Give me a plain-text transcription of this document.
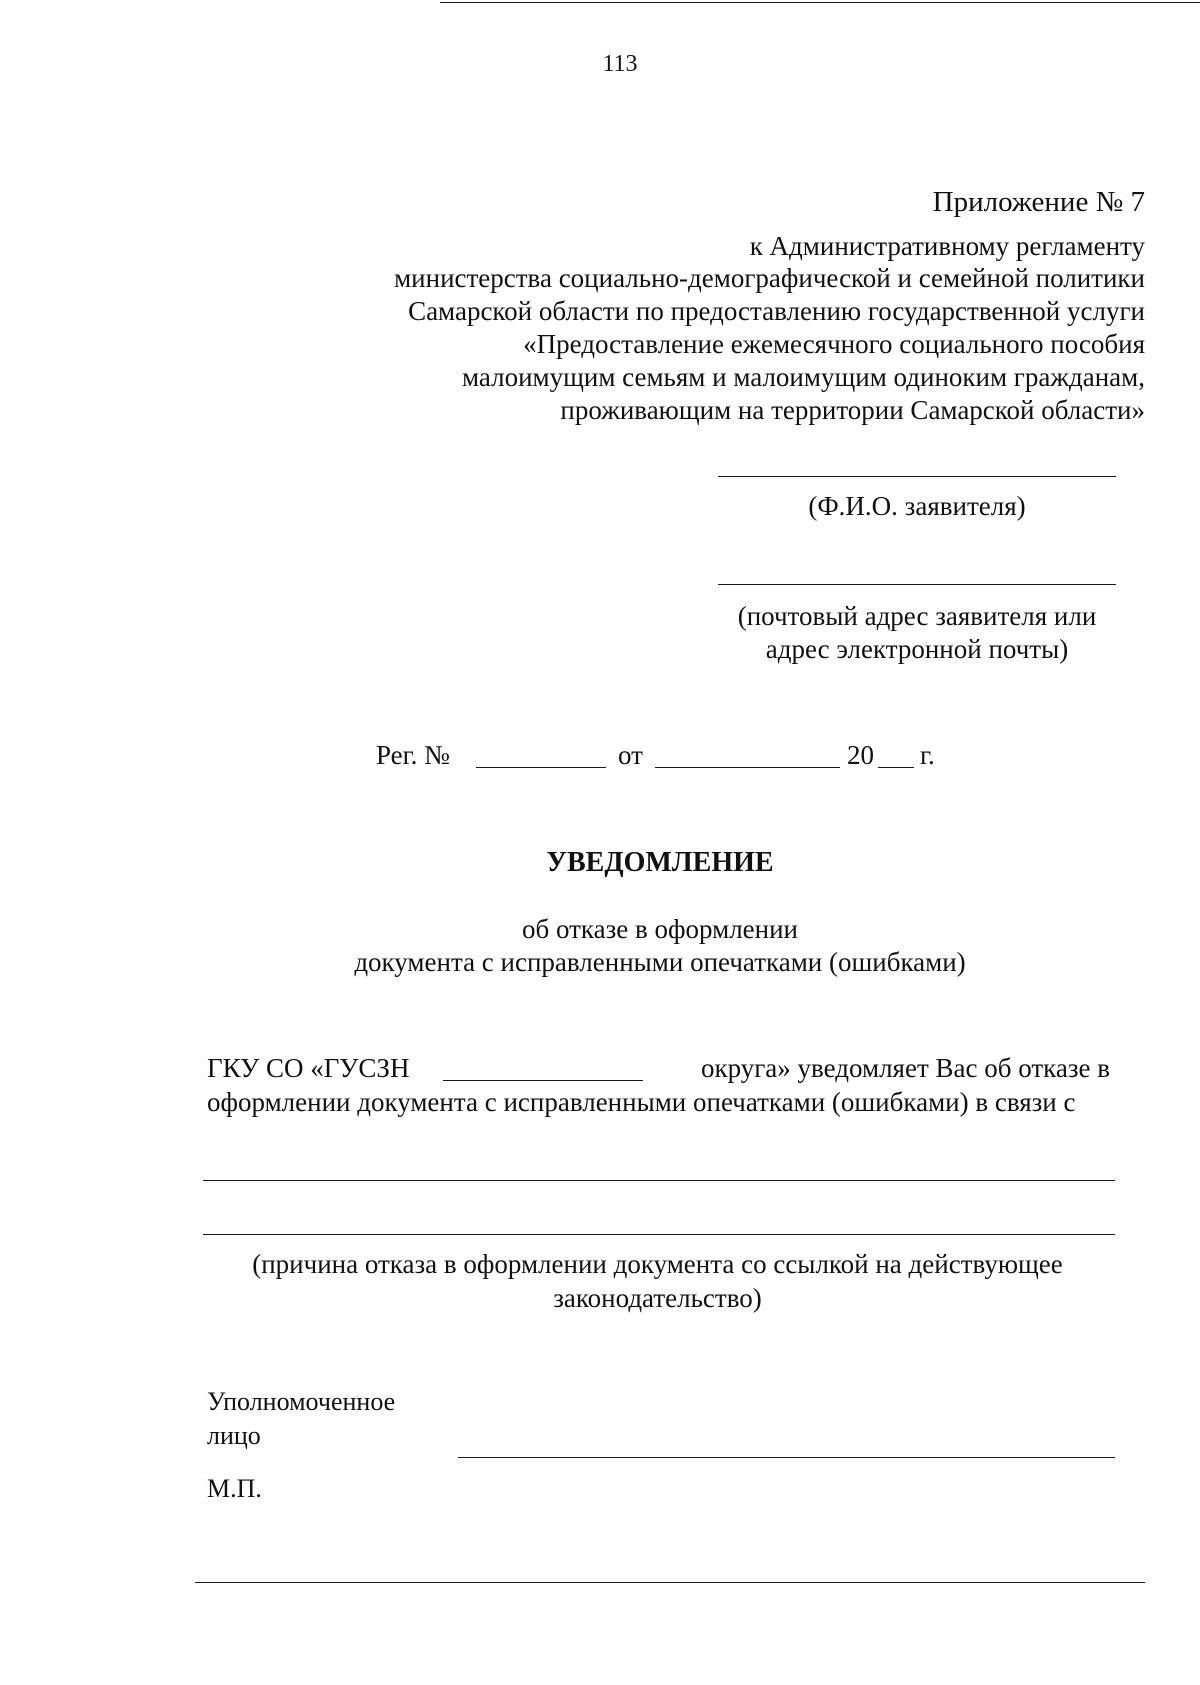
113
Приложение № 7
к Административному регламенту
министерства социально-демографической и семейной политики
Самарской области по предоставлению государственной услуги
«Предоставление ежемесячного социального пособия
малоимущим семьям и малоимущим одиноким гражданам,
проживающим на территории Самарской области»
(Ф.И.О. заявителя)
(почтовый адрес заявителя или
адрес электронной почты)
Рег. №	от	20 г.
УВЕДОМЛЕНИЕ
об отказе в оформлении
документа с исправленными опечатками (ошибками)
ГКУ СО «ГУСЗН	округа» уведомляет Вас об отказе в
оформлении документа с исправленными опечатками (ошибками) в связи с
(причина отказа в оформлении документа со ссылкой на действующее
законодательство)
Уполномоченное
лицо
М.П.
